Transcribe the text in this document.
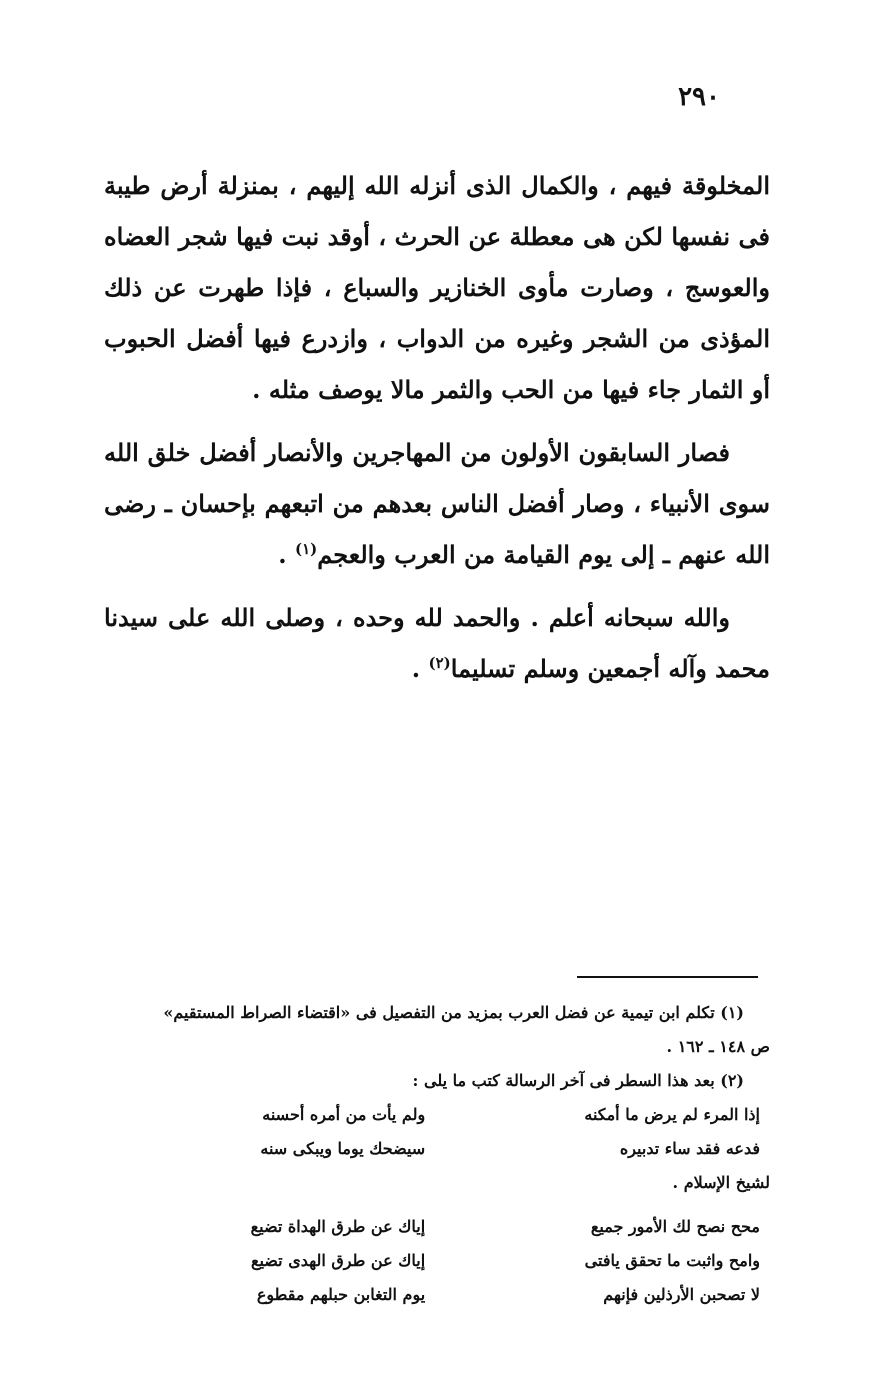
٢٩٠

المخلوقة فيهم ، والكمال الذى أنزله الله إليهم ، بمنزلة أرض طيبة فى نفسها لكن هى معطلة عن الحرث ، أوقد نبت فيها شجر العضاه والعوسج ، وصارت مأوى الخنازير والسباع ، فإذا طهرت عن ذلك المؤذى من الشجر وغيره من الدواب ، وازدرع فيها أفضل الحبوب أو الثمار جاء فيها من الحب والثمر مالا يوصف مثله .

فصار السابقون الأولون من المهاجرين والأنصار أفضل خلق الله سوى الأنبياء ، وصار أفضل الناس بعدهم من اتبعهم بإحسان ـ رضى الله عنهم ـ إلى يوم القيامة من العرب والعجم$^{(١)}$ .

والله سبحانه أعلم . والحمد لله وحده ، وصلى الله على سيدنا محمد وآله أجمعين وسلم تسليما$^{(٢)}$ .

(١) تكلم ابن تيمية عن فضل العرب بمزيد من التفصيل فى «اقتضاء الصراط المستقيم»
ص ١٤٨ ـ ١٦٢ .
(٢) بعد هذا السطر فى آخر الرسالة كتب ما يلى :
إذا المرء لم يرض ما أمكنه
ولم يأت من أمره أحسنه
فدعه فقد ساء تدبيره
سيضحك يوما ويبكى سنه
لشيخ الإسلام .
محح نصح لك الأمور جميع
إياك عن طرق الهداة تضيع
وامح واثبت ما تحقق يافتى
إياك عن طرق الهدى تضيع
لا تصحبن الأرذلين فإنهم
يوم التغابن حبلهم مقطوع
